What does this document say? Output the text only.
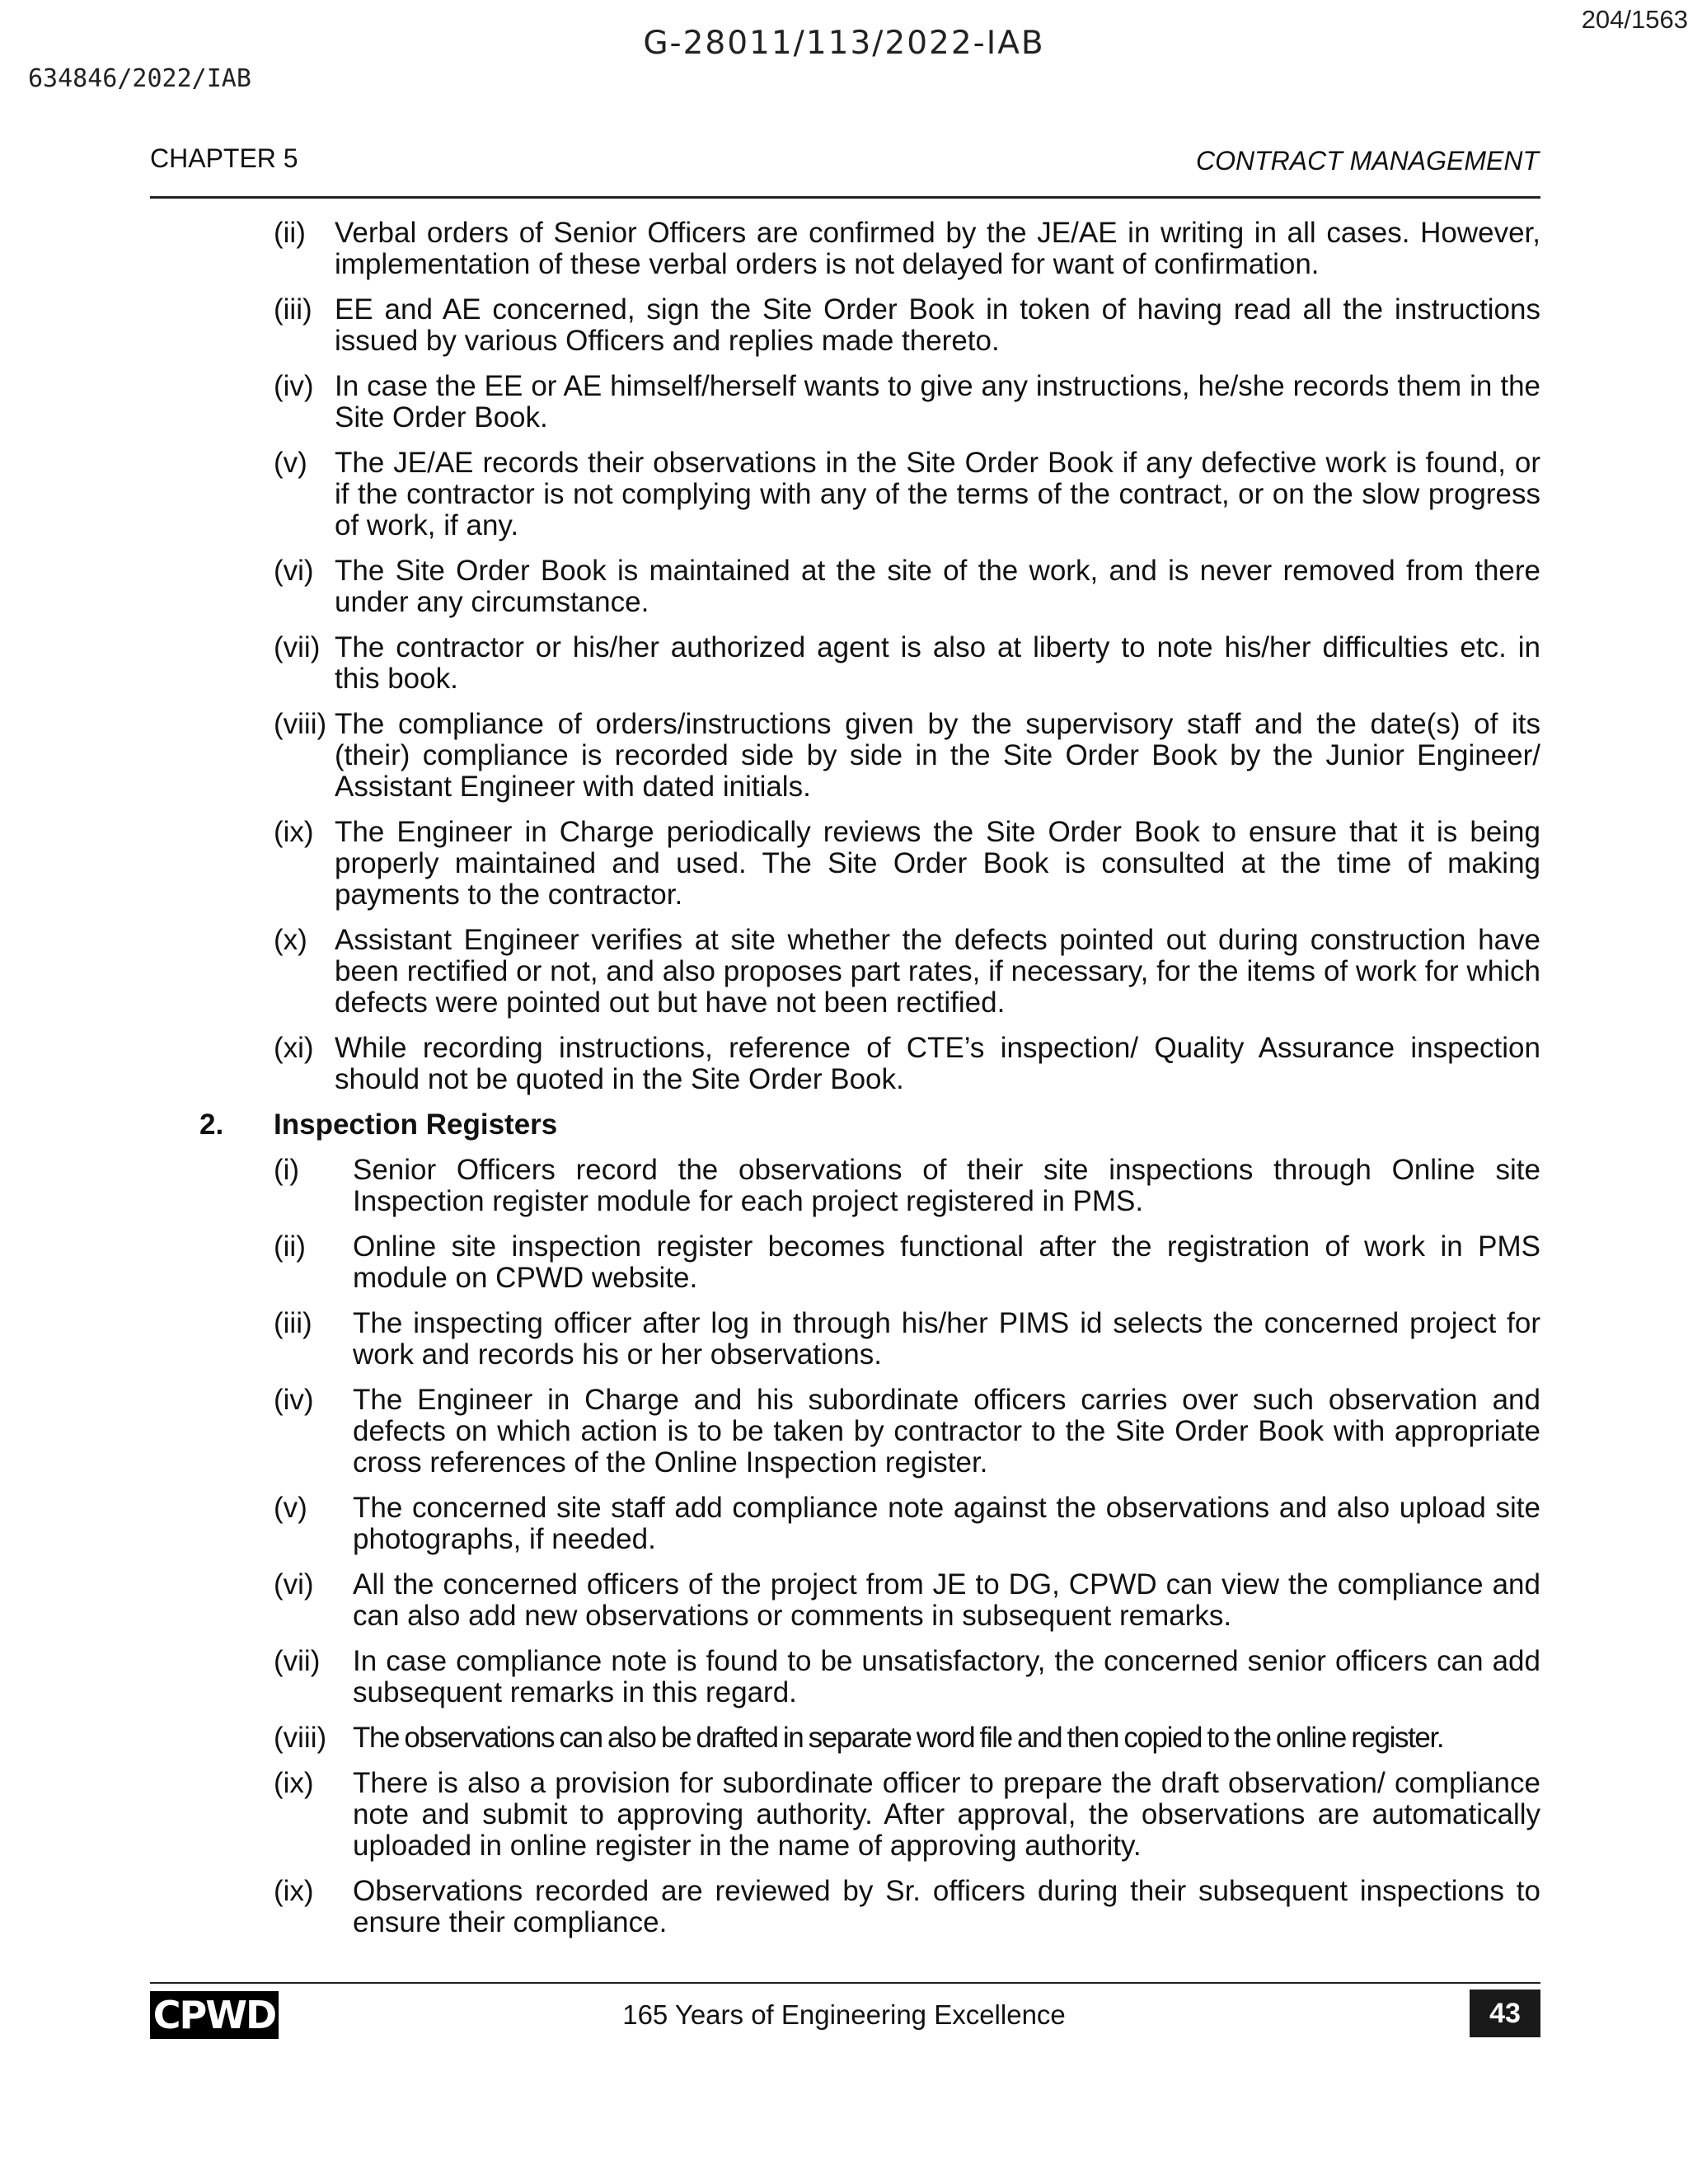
G-28011/113/2022-IAB
204/1563
634846/2022/IAB
CHAPTER 5	CONTRACT MANAGEMENT
(ii)	Verbal orders of Senior Officers are confirmed by the JE/AE in writing in all cases. However, implementation of these verbal orders is not delayed for want of confirmation.
(iii) EE and AE concerned, sign the Site Order Book in token of having read all the instructions issued by various Officers and replies made thereto.
(iv) In case the EE or AE himself/herself wants to give any instructions, he/she records them in the Site Order Book.
(v) The JE/AE records their observations in the Site Order Book if any defective work is found, or if the contractor is not complying with any of the terms of the contract, or on the slow progress of work, if any.
(vi) The Site Order Book is maintained at the site of the work, and is never removed from there under any circumstance.
(vii) The contractor or his/her authorized agent is also at liberty to note his/her difficulties etc. in this book.
(viii) The compliance of orders/instructions given by the supervisory staff and the date(s) of its (their) compliance is recorded side by side in the Site Order Book by the Junior Engineer/ Assistant Engineer with dated initials.
(ix) The Engineer in Charge periodically reviews the Site Order Book to ensure that it is being properly maintained and used. The Site Order Book is consulted at the time of making payments to the contractor.
(x) Assistant Engineer verifies at site whether the defects pointed out during construction have been rectified or not, and also proposes part rates, if necessary, for the items of work for which defects were pointed out but have not been rectified.
(xi) While recording instructions, reference of CTE’s inspection/ Quality Assurance inspection should not be quoted in the Site Order Book.
2.	Inspection Registers
(i)	Senior Officers record the observations of their site inspections through Online site Inspection register module for each project registered in PMS.
(ii)	Online site inspection register becomes functional after the registration of work in PMS module on CPWD website.
(iii)	The inspecting officer after log in through his/her PIMS id selects the concerned project for work and records his or her observations.
(iv)	The Engineer in Charge and his subordinate officers carries over such observation and defects on which action is to be taken by contractor to the Site Order Book with appropriate cross references of the Online Inspection register.
(v)	The concerned site staff add compliance note against the observations and also upload site photographs, if needed.
(vi)	All the concerned officers of the project from JE to DG, CPWD can view the compliance and can also add new observations or comments in subsequent remarks.
(vii)	In case compliance note is found to be unsatisfactory, the concerned senior officers can add subsequent remarks in this regard.
(viii) The observations can also be drafted in separate word file and then copied to the online register.
(ix)	There is also a provision for subordinate officer to prepare the draft observation/ compliance note and submit to approving authority. After approval, the observations are automatically uploaded in online register in the name of approving authority.
(ix)	Observations recorded are reviewed by Sr. officers during their subsequent inspections to ensure their compliance.
CPWD	165 Years of Engineering Excellence	43
